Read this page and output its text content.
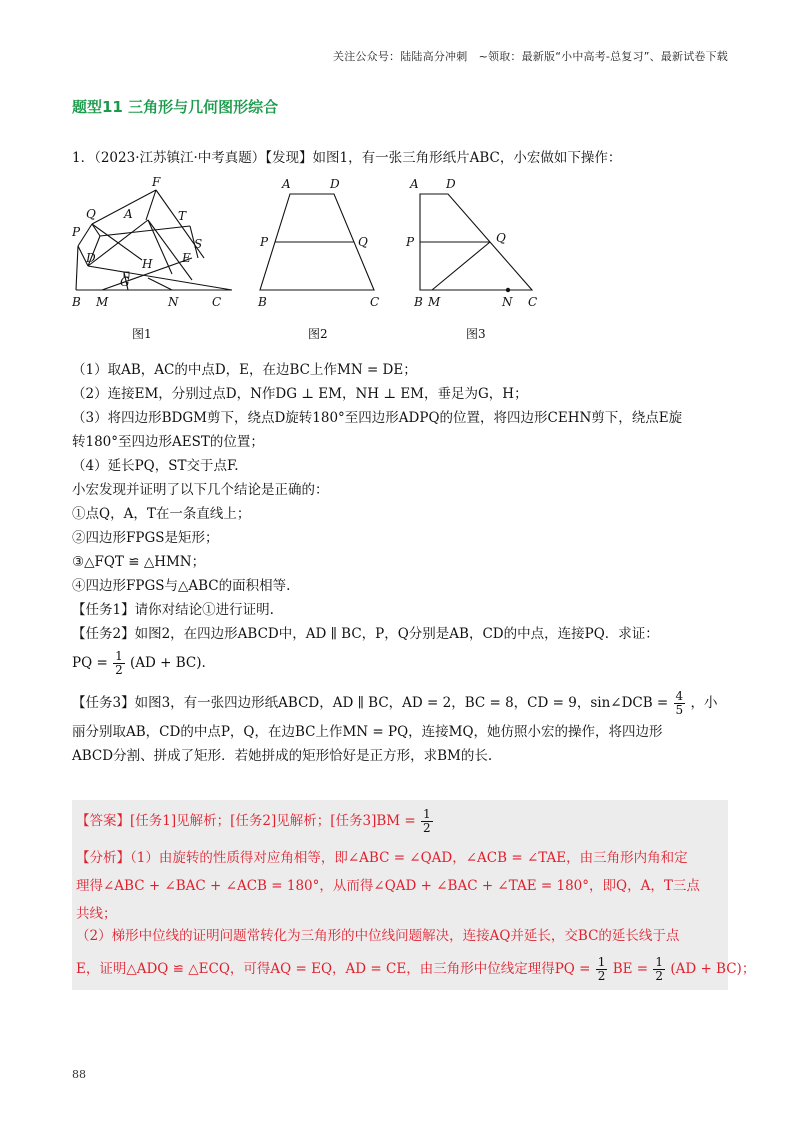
关注公众号：陆陆高分冲刺　~领取：最新版“小中高考-总复习”、最新试卷下载
题型11 三角形与几何图形综合
1．（2023·江苏镇江·中考真题）【发现】如图1，有一张三角形纸片ABC，小宏做如下操作：
F
Q A	T
P
S
D	E
H
G
B M	N	C
图1
A	D
P	Q
B	C
图2
A D
P	Q
B M	N C
图3
（1）取AB，AC的中点D，E，在边BC上作MN = DE；
（2）连接EM，分别过点D，N作DG ⊥ EM，NH ⊥ EM，垂足为G，H；
（3）将四边形BDGM剪下，绕点D旋转180°至四边形ADPQ的位置，将四边形CEHN剪下，绕点E旋
转180°至四边形AEST的位置；
（4）延长PQ，ST交于点F.
小宏发现并证明了以下几个结论是正确的：
①点Q，A，T在一条直线上；
②四边形FPGS是矩形；
③△FQT ≌ △HMN；
④四边形FPGS与△ABC的面积相等.
【任务1】请你对结论①进行证明.
【任务2】如图2，在四边形ABCD中，AD ∥ BC，P，Q分别是AB，CD的中点，连接PQ．求证：
PQ = $\frac{1}{2} (AD + BC)$.
【任务3】如图3，有一张四边形纸ABCD，AD ∥ BC，AD = 2，BC = 8，CD = 9，sin∠DCB = $\frac{4}{5}$ ，小
丽分别取AB，CD的中点P，Q，在边BC上作MN = PQ，连接MQ，她仿照小宏的操作，将四边形
ABCD分割、拼成了矩形．若她拼成的矩形恰好是正方形，求BM的长.
【答案】[任务1]见解析；[任务2]见解析；[任务$3]BM = \frac{1}{2}$
【分析】（1）由旋转的性质得对应角相等，即∠ABC = ∠QAD，∠ACB = ∠TAE，由三角形内角和定
理得∠ABC + ∠BAC + ∠ACB = 180°，从而得∠QAD + ∠BAC + ∠TAE = 180°，即Q，A，T三点
共线；
（2）梯形中位线的证明问题常转化为三角形的中位线问题解决，连接AQ并延长，交BC的延长线于点
E，证明△ADQ ≌ △ECQ，可得AQ = EQ，AD = CE，由三角形中位线定理得PQ = $\frac{1}{2}$ BE = $\frac{1}{2} (AD + BC)$；
88
